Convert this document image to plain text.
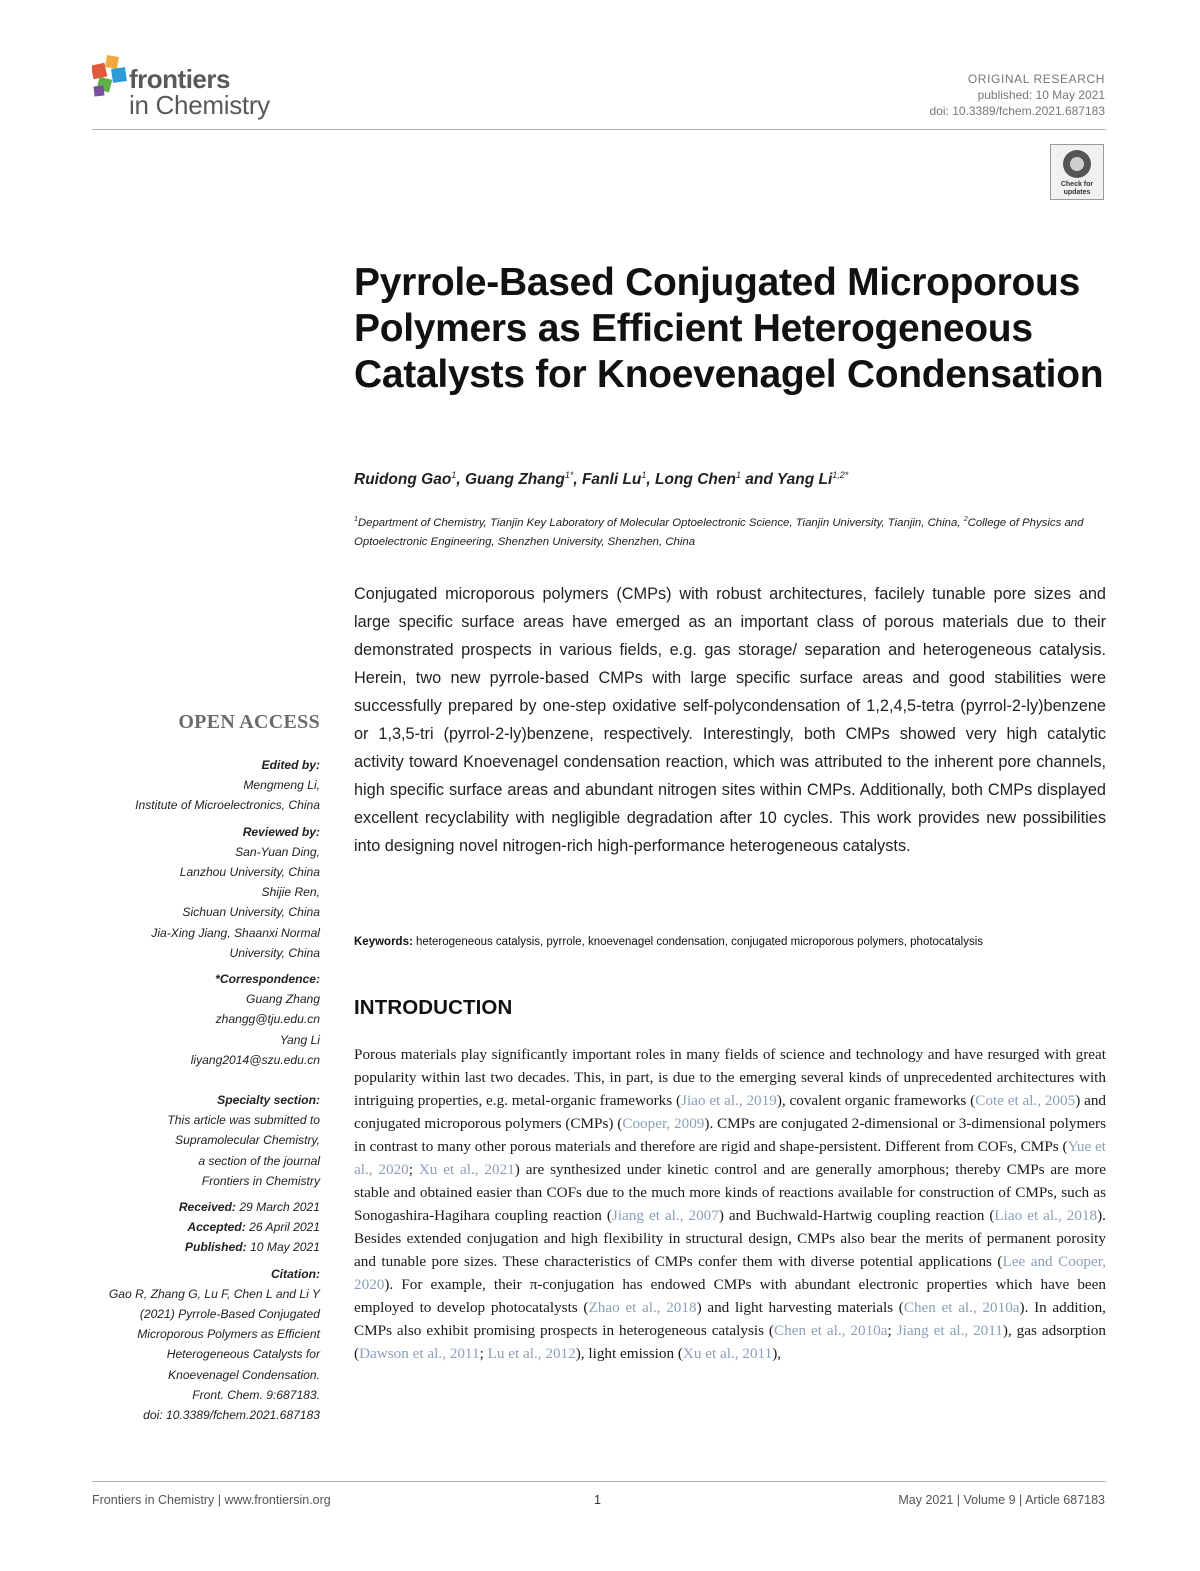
frontiers
in Chemistry
ORIGINAL RESEARCH
published: 10 May 2021
doi: 10.3389/fchem.2021.687183
Check for updates
Pyrrole-Based Conjugated Microporous Polymers as Efficient Heterogeneous Catalysts for Knoevenagel Condensation
Ruidong Gao$^1$, Guang Zhang$^{1*}$, Fanli Lu$^1$, Long Chen$^1$ and Yang $Li^{1,2*}$
$^1$Department of Chemistry, Tianjin Key Laboratory of Molecular Optoelectronic Science, Tianjin University, Tianjin, China, $^2$College of Physics and Optoelectronic Engineering, Shenzhen University, Shenzhen, China
Conjugated microporous polymers (CMPs) with robust architectures, facilely tunable pore sizes and large specific surface areas have emerged as an important class of porous materials due to their demonstrated prospects in various fields, e.g. gas storage/ separation and heterogeneous catalysis. Herein, two new pyrrole-based CMPs with large specific surface areas and good stabilities were successfully prepared by one-step oxidative self-polycondensation of 1,2,4,5-tetra (pyrrol-2-ly)benzene or 1,3,5-tri (pyrrol-2-ly)benzene, respectively. Interestingly, both CMPs showed very high catalytic activity toward Knoevenagel condensation reaction, which was attributed to the inherent pore channels, high specific surface areas and abundant nitrogen sites within CMPs. Additionally, both CMPs displayed excellent recyclability with negligible degradation after 10 cycles. This work provides new possibilities into designing novel nitrogen-rich high-performance heterogeneous catalysts.
Keywords: heterogeneous catalysis, pyrrole, knoevenagel condensation, conjugated microporous polymers, photocatalysis
INTRODUCTION
Porous materials play significantly important roles in many fields of science and technology and have resurged with great popularity within last two decades. This, in part, is due to the emerging several kinds of unprecedented architectures with intriguing properties, e.g. metal-organic frameworks (Jiao et al., 2019), covalent organic frameworks (Cote et al., 2005) and conjugated microporous polymers (CMPs) (Cooper, 2009). CMPs are conjugated 2-dimensional or 3-dimensional polymers in contrast to many other porous materials and therefore are rigid and shape-persistent. Different from COFs, CMPs (Yue et al., 2020; Xu et al., 2021) are synthesized under kinetic control and are generally amorphous; thereby CMPs are more stable and obtained easier than COFs due to the much more kinds of reactions available for construction of CMPs, such as Sonogashira-Hagihara coupling reaction (Jiang et al., 2007) and Buchwald-Hartwig coupling reaction (Liao et al., 2018). Besides extended conjugation and high flexibility in structural design, CMPs also bear the merits of permanent porosity and tunable pore sizes. These characteristics of CMPs confer them with diverse potential applications (Lee and Cooper, 2020). For example, their π-conjugation has endowed CMPs with abundant electronic properties which have been employed to develop photocatalysts (Zhao et al., 2018) and light harvesting materials (Chen et al., 2010a). In addition, CMPs also exhibit promising prospects in heterogeneous catalysis (Chen et al., 2010a; Jiang et al., 2011), gas adsorption (Dawson et al., 2011; Lu et al., 2012), light emission (Xu et al., 2011),
OPEN ACCESS
Edited by:
Mengmeng Li,
Institute of Microelectronics, China
Reviewed by:
San-Yuan Ding,
Lanzhou University, China
Shijie Ren,
Sichuan University, China
Jia-Xing Jiang, Shaanxi Normal
University, China
*Correspondence:
Guang Zhang
zhangg@tju.edu.cn
Yang Li
liyang2014@szu.edu.cn
Specialty section:
This article was submitted to
Supramolecular Chemistry,
a section of the journal
Frontiers in Chemistry
Received: 29 March 2021
Accepted: 26 April 2021
Published: 10 May 2021
Citation:
Gao R, Zhang G, Lu F, Chen L and Li Y
(2021) Pyrrole-Based Conjugated
Microporous Polymers as Efficient
Heterogeneous Catalysts for
Knoevenagel Condensation.
Front. Chem. 9:687183.
doi: 10.3389/fchem.2021.687183
Frontiers in Chemistry | www.frontiersin.org	1	May 2021 | Volume 9 | Article 687183
